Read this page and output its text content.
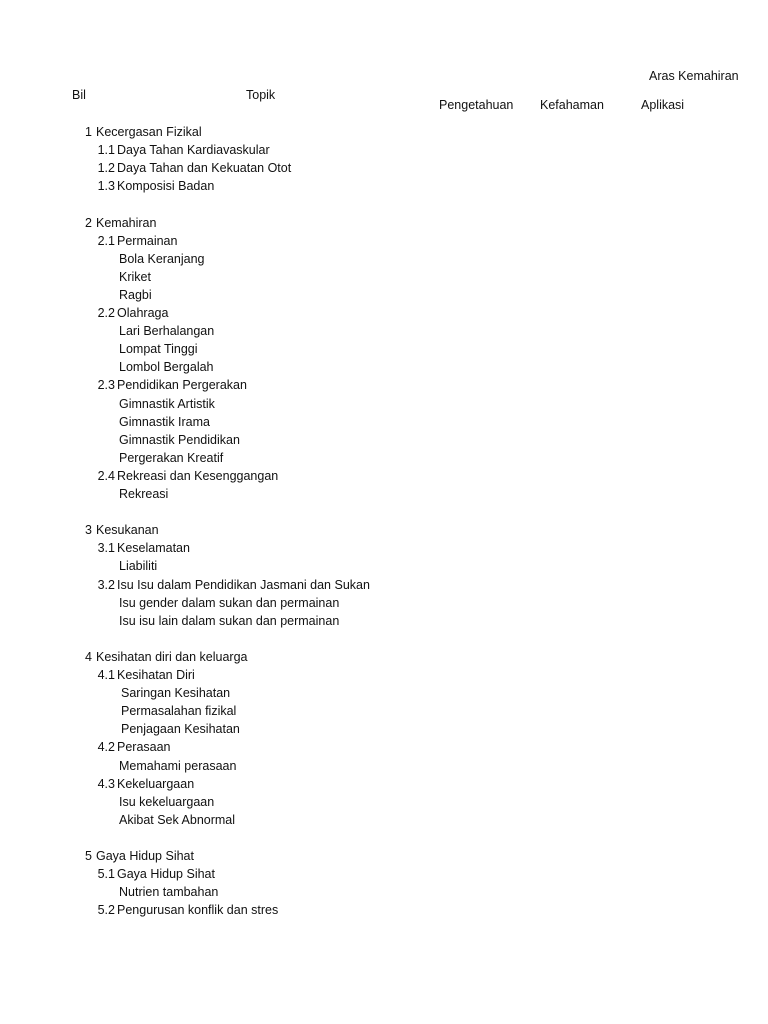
Bil	Topik
Aras Kemahiran
Pengetahuan Kefahaman	Aplikasi
1 Kecergasan Fizikal
1.1 Daya Tahan Kardiavaskular
1.2 Daya Tahan dan Kekuatan Otot
1.3 Komposisi Badan
2 Kemahiran
2.1 Permainan
Bola Keranjang
Kriket
Ragbi
2.2 Olahraga
Lari Berhalangan
Lompat Tinggi
Lombol Bergalah
2.3 Pendidikan Pergerakan
Gimnastik Artistik
Gimnastik Irama
Gimnastik Pendidikan
Pergerakan Kreatif
2.4 Rekreasi dan Kesenggangan
Rekreasi
3 Kesukanan
3.1 Keselamatan
Liabiliti
3.2 Isu Isu dalam Pendidikan Jasmani dan Sukan
Isu gender dalam sukan dan permainan
Isu isu lain dalam sukan dan permainan
4 Kesihatan diri dan keluarga
4.1 Kesihatan Diri
Saringan Kesihatan
Permasalahan fizikal
Penjagaan Kesihatan
4.2 Perasaan
Memahami perasaan
4.3 Kekeluargaan
Isu kekeluargaan
Akibat Sek Abnormal
5 Gaya Hidup Sihat
5.1 Gaya Hidup Sihat
Nutrien tambahan
5.2 Pengurusan konflik dan stres
